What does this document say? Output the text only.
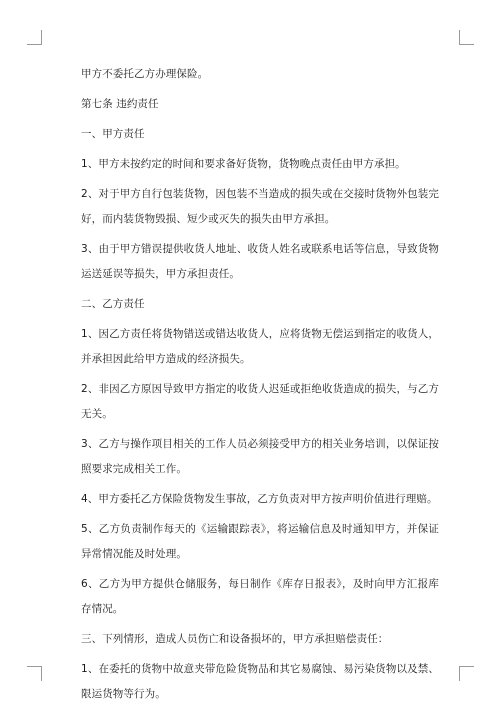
甲方不委托乙方办理保险。

第七条 违约责任

一、甲方责任

1、甲方未按约定的时间和要求备好货物，货物晚点责任由甲方承担。

2、对于甲方自行包装货物，因包装不当造成的损失或在交接时货物外包装完好，而内装货物毁损、短少或灭失的损失由甲方承担。

3、由于甲方错误提供收货人地址、收货人姓名或联系电话等信息，导致货物运送延误等损失，甲方承担责任。

二、乙方责任

1、因乙方责任将货物错送或错达收货人，应将货物无偿运到指定的收货人，并承担因此给甲方造成的经济损失。

2、非因乙方原因导致甲方指定的收货人迟延或拒绝收货造成的损失，与乙方无关。

3、乙方与操作项目相关的工作人员必须接受甲方的相关业务培训，以保证按照要求完成相关工作。

4、甲方委托乙方保险货物发生事故，乙方负责对甲方按声明价值进行理赔。

5、乙方负责制作每天的《运输跟踪表》，将运输信息及时通知甲方，并保证异常情况能及时处理。

6、乙方为甲方提供仓储服务，每日制作《库存日报表》，及时向甲方汇报库存情况。

三、下列情形，造成人员伤亡和设备损坏的，甲方承担赔偿责任：

1、在委托的货物中故意夹带危险货物品和其它易腐蚀、易污染货物以及禁、限运货物等行为。
